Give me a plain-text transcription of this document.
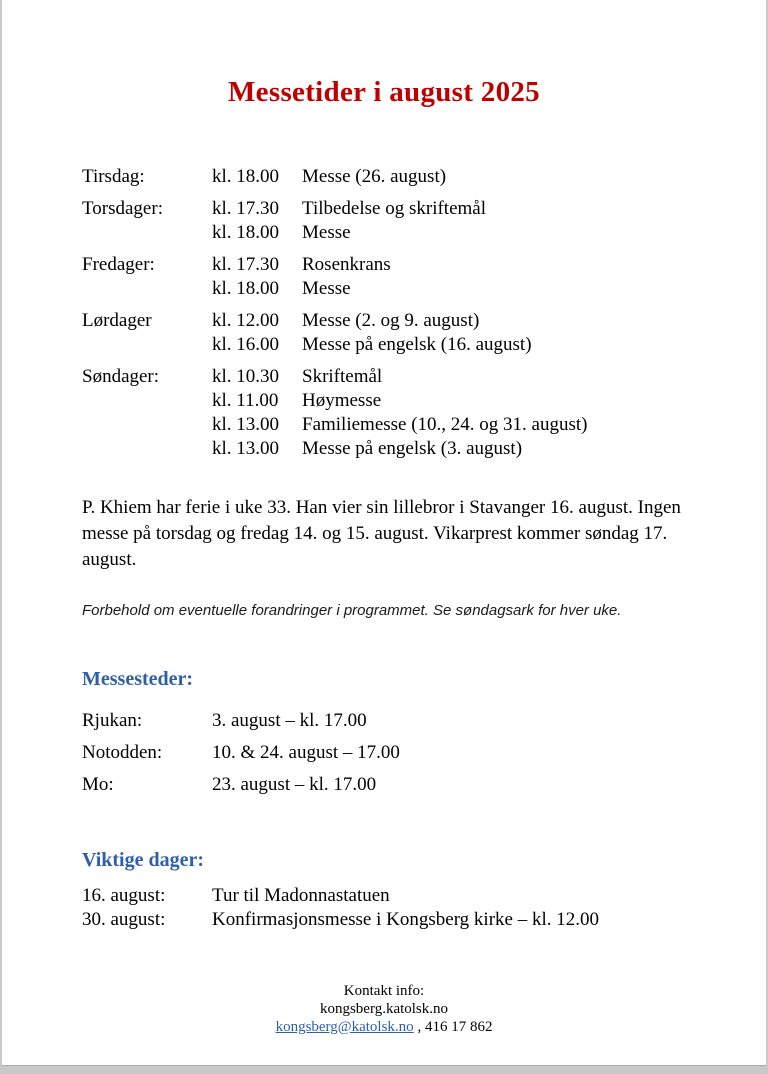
Messetider i august 2025
Tirsdag:	kl. 18.00	Messe (26. august)
Torsdager:	kl. 17.30	Tilbedelse og skriftemål
kl. 18.00	Messe
Fredager:	kl. 17.30	Rosenkrans
kl. 18.00	Messe
Lørdager	kl. 12.00	Messe (2. og 9. august)
kl. 16.00	Messe på engelsk (16. august)
Søndager:	kl. 10.30	Skriftemål
kl. 11.00	Høymesse
kl. 13.00	Familiemesse (10., 24. og 31. august)
kl. 13.00	Messe på engelsk (3. august)

P. Khiem har ferie i uke 33. Han vier sin lillebror i Stavanger 16. august. Ingen messe på torsdag og fredag 14. og 15. august. Vikarprest kommer søndag 17. august.

Forbehold om eventuelle forandringer i programmet. Se søndagsark for hver uke.

Messesteder:
Rjukan:	3. august – kl. 17.00
Notodden:	10. & 24. august – 17.00
Mo:	23. august – kl. 17.00
Viktige dager:
16. august:	Tur til Madonnastatuen
30. august:	Konfirmasjonsmesse i Kongsberg kirke – kl. 12.00
Kontakt info:
kongsberg.katolsk.no
kongsberg@katolsk.no , 416 17 862
